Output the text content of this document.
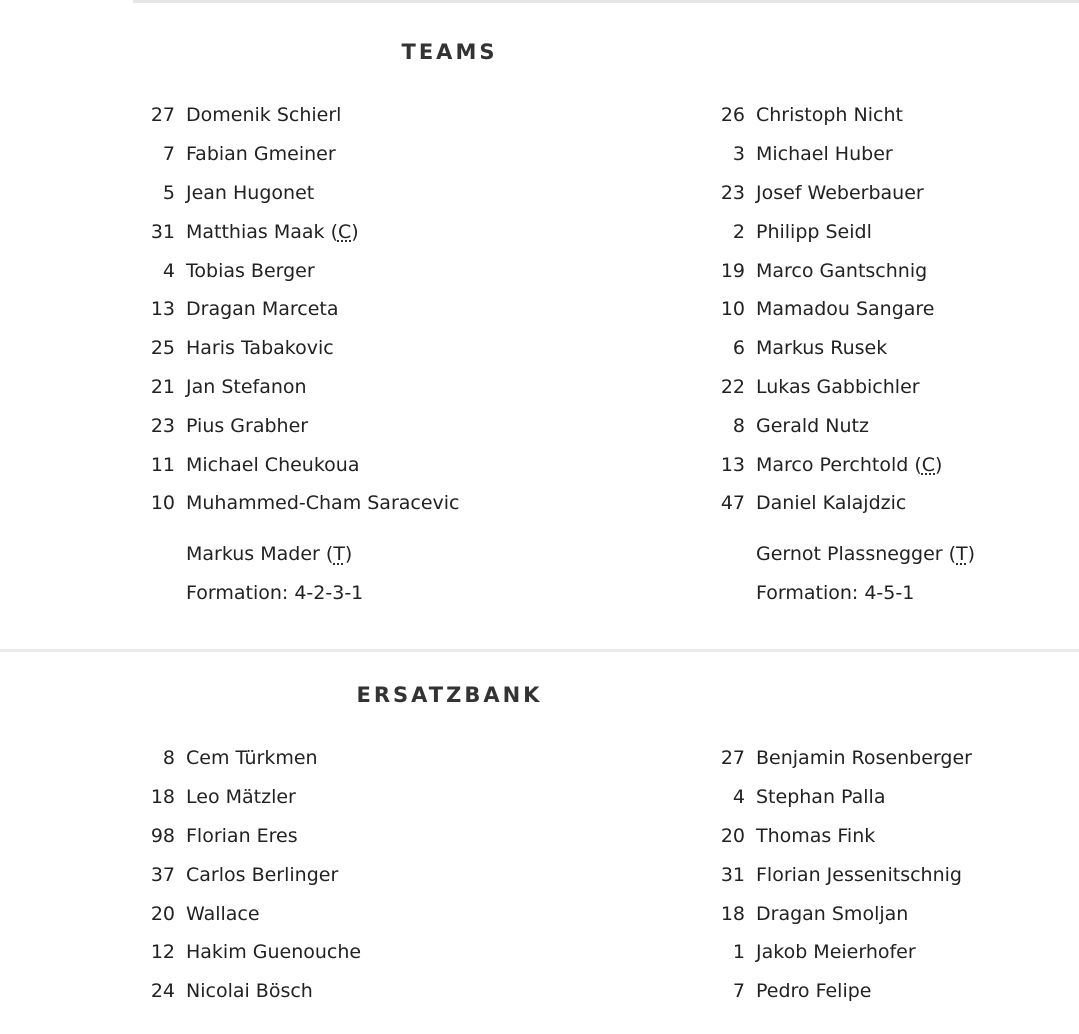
TEAMS
27 Domenik Schierl
7 Fabian Gmeiner
5 Jean Hugonet
31 Matthias Maak (C)
4 Tobias Berger
13 Dragan Marceta
25 Haris Tabakovic
21 Jan Stefanon
23 Pius Grabher
11 Michael Cheukoua
10 Muhammed-Cham Saracevic
Markus Mader ( T )
Formation: 4-2-3-1
26 Christoph Nicht
3 Michael Huber
23 Josef Weberbauer
2 Philipp Seidl
19 Marco Gantschnig
10 Mamadou Sangare
6 Markus Rusek
22 Lukas Gabbichler
8 Gerald Nutz
13 Marco Perchtold (C)
47 Daniel Kalajdzic
Gernot Plassnegger ( T )
Formation: 4-5-1
ERSATZBANK
8 Cem Türkmen
18 Leo Mätzler
98 Florian Eres
37 Carlos Berlinger
20 Wallace
12 Hakim Guenouche
24 Nicolai Bösch
27 Benjamin Rosenberger
4 Stephan Palla
20 Thomas Fink
31 Florian Jessenitschnig
18 Dragan Smoljan
1 Jakob Meierhofer
7 Pedro Felipe
